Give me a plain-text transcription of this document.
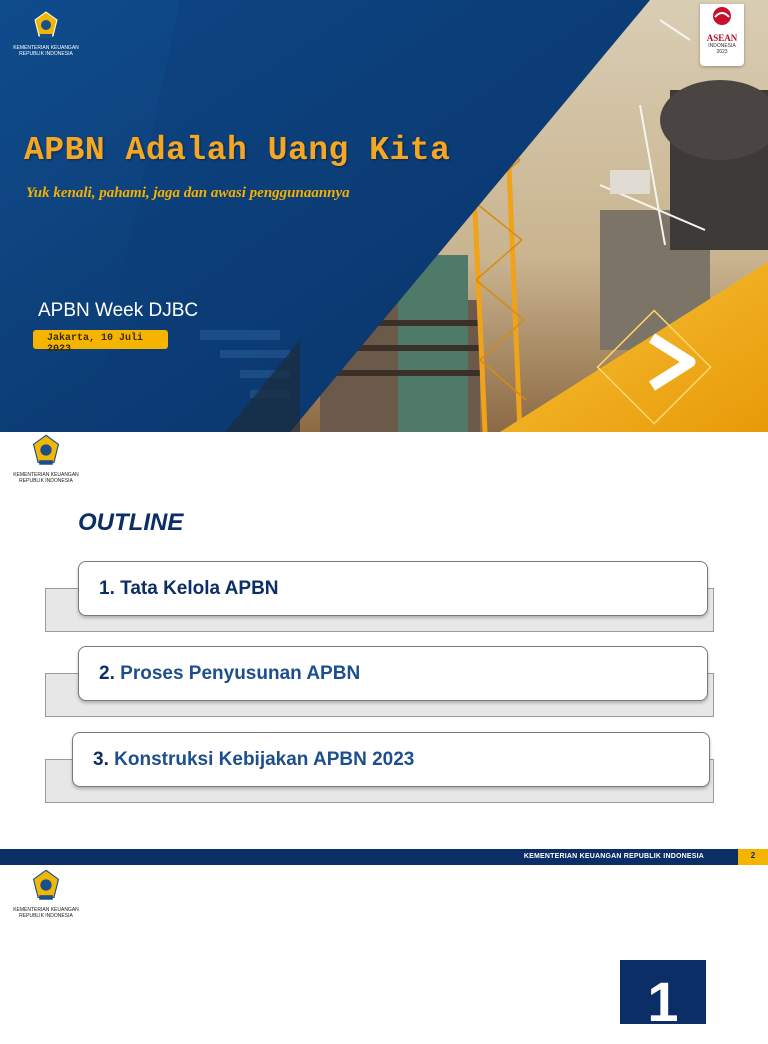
KEMENTERIAN KEUANGAN
REPUBLIK INDONESIA
ASEAN
INDONESIA
2023
APBN Adalah Uang Kita
Yuk kenali, pahami, jaga dan awasi penggunaannya
APBN Week DJBC
Jakarta, 10 Juli 2023
KEMENTERIAN KEUANGAN
REPUBLIK INDONESIA
OUTLINE
1.
Tata Kelola APBN
2.
Proses Penyusunan APBN
3.
Konstruksi Kebijakan APBN 2023
KEMENTERIAN KEUANGAN REPUBLIK INDONESIA	2
KEMENTERIAN KEUANGAN
REPUBLIK INDONESIA
1
